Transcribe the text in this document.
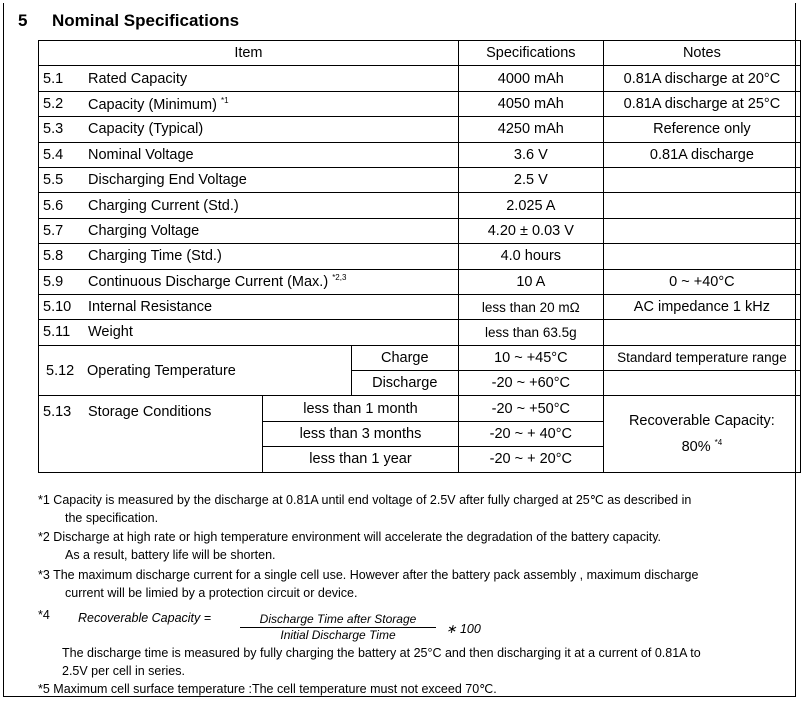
5 Nominal Specifications
Item			Specifications	Notes
5.1 Rated Capacity			4000 mAh	0.81A discharge at 20°C
5.2 Capacity (Minimum) $^{*1}$			4050 mAh	0.81A discharge at 25°C
5.3 Capacity (Typical)			4250 mAh	Reference only
5.4 Nominal Voltage			3.6 V	0.81A discharge
5.5 Discharging End Voltage			2.5 V	
5.6 Charging Current (Std.)			2.025 A	
5.7 Charging Voltage			4.20 ± 0.03 V	
5.8 Charging Time (Std.)			4.0 hours	
5.9 Continuous Discharge Current (Max.) $^{*2,3}$			10 A	0 ~ +40°C
5.10 Internal Resistance			less than 20 mΩ	AC impedance 1 kHz
5.11 Weight			less than 63.5g	
5.12 Operating Temperature		Charge	10 ~ +45°C	Standard temperature range
		Discharge	-20 ~ +60°C	
5.13 Storage Conditions	less than 1 month		-20 ~ +50°C	Recoverable Capacity:
80% $^{*4}$
	less than 3 months		-20 ~ + 40°C	
	less than 1 year		-20 ~ + 20°C	
*1 Capacity is measured by the discharge at 0.81A until end voltage of 2.5V after fully charged at 25℃ as described in
the specification.
*2 Discharge at high rate or high temperature environment will accelerate the degradation of the battery capacity.
As a result, battery life will be shorten.
*3 The maximum discharge current for a single cell use. However after the battery pack assembly , maximum discharge
current will be limied by a protection circuit or device.
*4	Recoverable Capacity =	Discharge Time after Storage
Initial Discharge Time	∗ 100
The discharge time is measured by fully charging the battery at 25°C and then discharging it at a current of 0.81A to
2.5V per cell in series.
*5 Maximum cell surface temperature :The cell temperature must not exceed 70℃.
